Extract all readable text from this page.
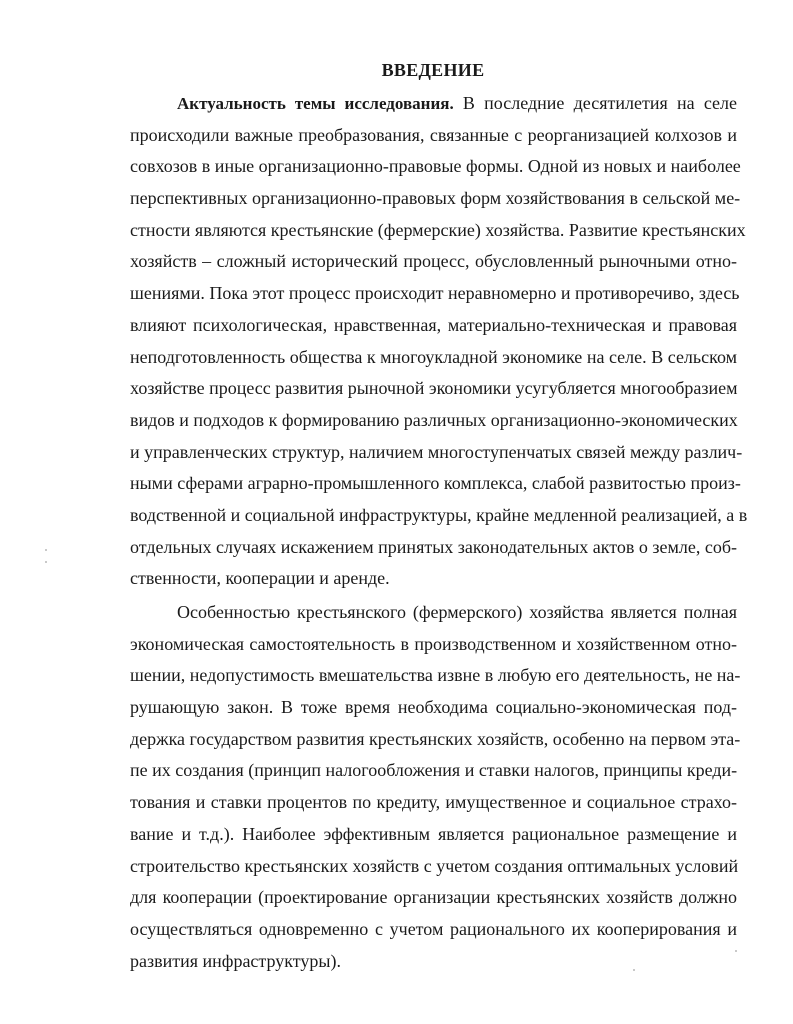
ВВЕДЕНИЕ
Актуальность темы исследования. В последние десятилетия на селе
происходили важные преобразования, связанные с реорганизацией колхозов и
совхозов в иные организационно-правовые формы. Одной из новых и наиболее
перспективных организационно-правовых форм хозяйствования в сельской ме-
стности являются крестьянские (фермерские) хозяйства. Развитие крестьянских
хозяйств – сложный исторический процесс, обусловленный рыночными отно-
шениями. Пока этот процесс происходит неравномерно и противоречиво, здесь
влияют психологическая, нравственная, материально-техническая и правовая
неподготовленность общества к многоукладной экономике на селе. В сельском
хозяйстве процесс развития рыночной экономики усугубляется многообразием
видов и подходов к формированию различных организационно-экономических
и управленческих структур, наличием многоступенчатых связей между различ-
ными сферами аграрно-промышленного комплекса, слабой развитостью произ-
водственной и социальной инфраструктуры, крайне медленной реализацией, а в
отдельных случаях искажением принятых законодательных актов о земле, соб-
ственности, кооперации и аренде.
Особенностью крестьянского (фермерского) хозяйства является полная
экономическая самостоятельность в производственном и хозяйственном отно-
шении, недопустимость вмешательства извне в любую его деятельность, не на-
рушающую закон. В тоже время необходима социально-экономическая под-
держка государством развития крестьянских хозяйств, особенно на первом эта-
пе их создания (принцип налогообложения и ставки налогов, принципы креди-
тования и ставки процентов по кредиту, имущественное и социальное страхо-
вание и т.д.). Наиболее эффективным является рациональное размещение и
строительство крестьянских хозяйств с учетом создания оптимальных условий
для кооперации (проектирование организации крестьянских хозяйств должно
осуществляться одновременно с учетом рационального их кооперирования и
развития инфраструктуры).
